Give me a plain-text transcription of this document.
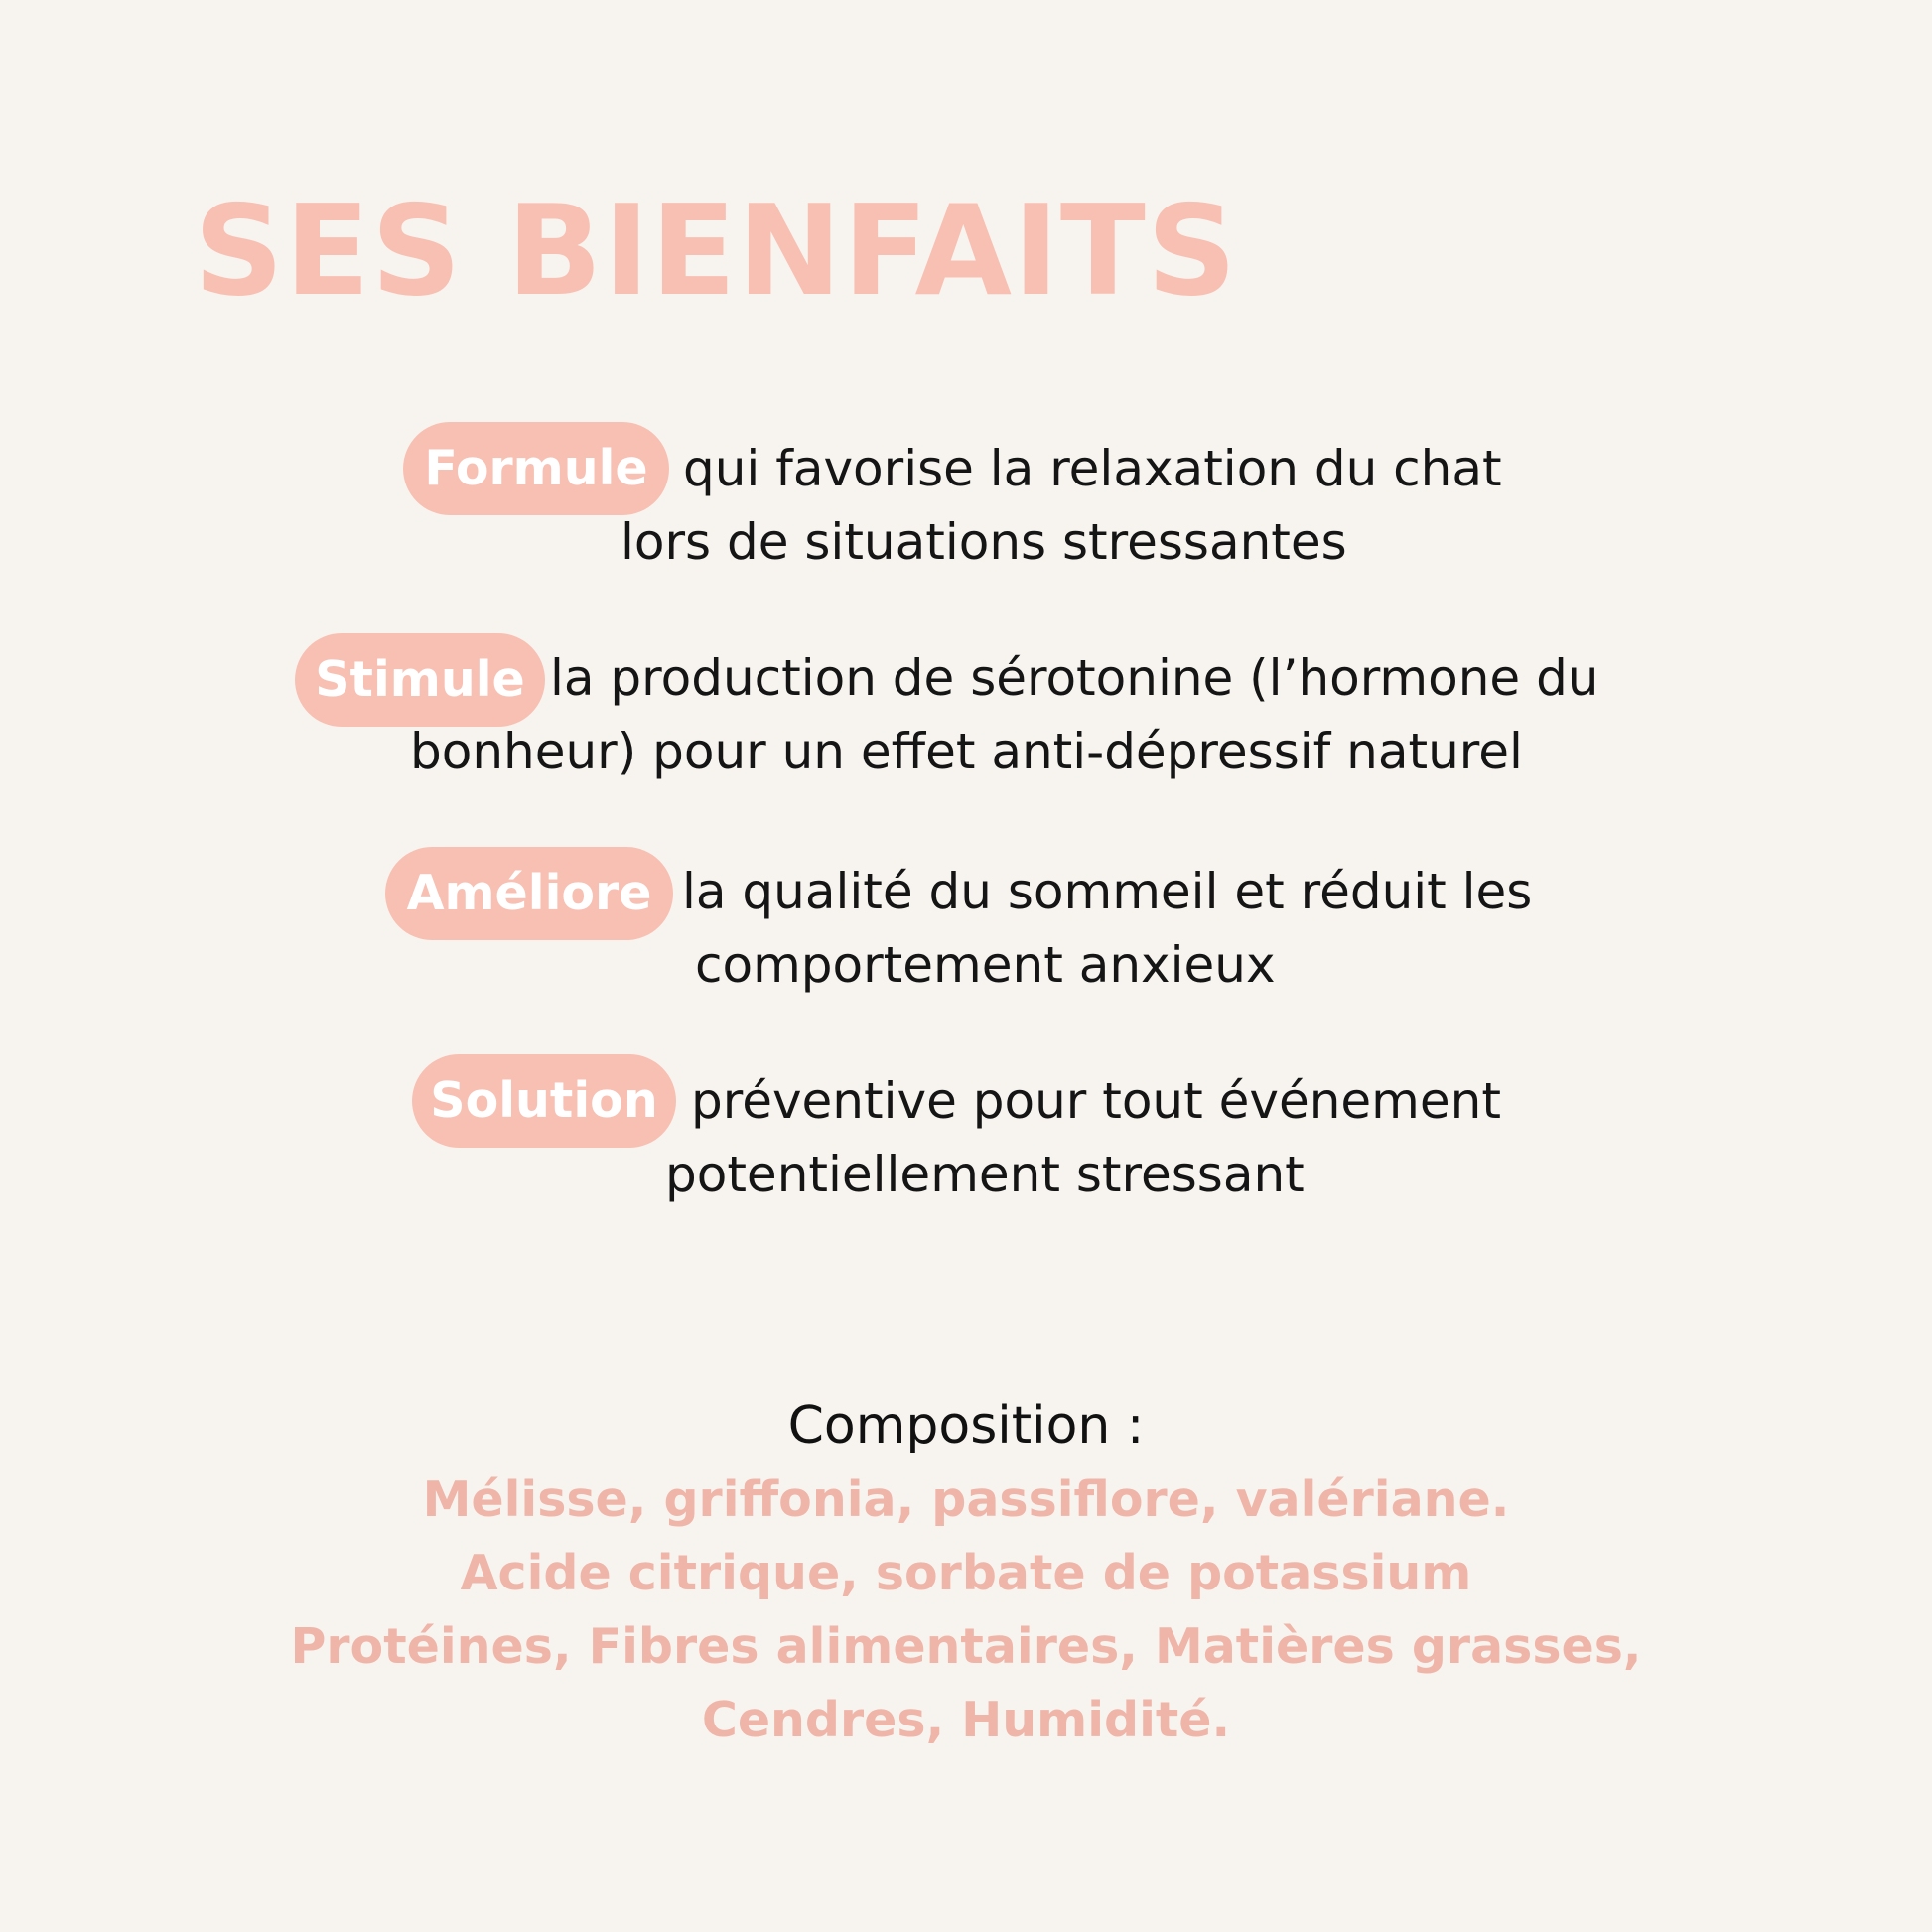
SES BIENFAITS
Formule qui favorise la relaxation du chat
lors de situations stressantes
Stimule la production de sérotonine (l’hormone du
bonheur) pour un effet anti-dépressif naturel
Améliore la qualité du sommeil et réduit les
comportement anxieux
Solution préventive pour tout événement
potentiellement stressant
Composition :
Mélisse, griffonia, passiflore, valériane.
Acide citrique, sorbate de potassium
Protéines, Fibres alimentaires, Matières grasses,
Cendres, Humidité.
